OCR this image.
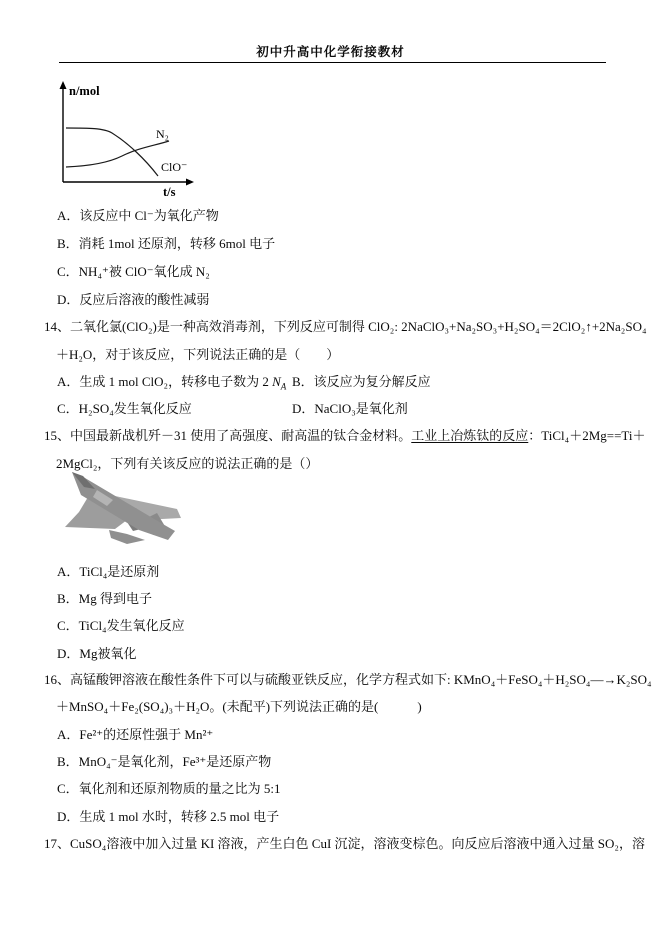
初中升高中化学衔接教材
n/mol
t/s
N₂
ClO⁻
A．该反应中 Cl⁻为氧化产物
B．消耗 1mol 还原剂，转移 6mol 电子
C．NH₄⁺被 ClO⁻氧化成 N₂
D．反应后溶液的酸性减弱
14、二氧化氯(ClO₂)是一种高效消毒剂，下列反应可制得 ClO₂: 2NaClO₃+Na₂SO₃+H₂SO₄＝2ClO₂↑+2Na₂SO₄
＋H₂O，对于该反应，下列说法正确的是（　　）
A．生成 1 mol ClO₂，转移电子数为 2 $N_A$ B．该反应为复分解反应
C．H₂SO₄发生氧化反应	D．NaClO₃是氧化剂
15、中国最新战机歼－31 使用了高强度、耐高温的钛合金材料。工业上冶炼钛的反应：TiCl₄＋2Mg==Ti＋
2MgCl₂，下列有关该反应的说法正确的是（）
A．TiCl₄是还原剂
B．Mg 得到电子
C．TiCl₄发生氧化反应
D．Mg被氧化
16、高锰酸钾溶液在酸性条件下可以与硫酸亚铁反应，化学方程式如下: KMnO₄＋FeSO₄＋H₂SO₄—→K₂SO₄
＋MnSO₄＋Fe₂(SO₄)₃＋H₂O。(未配平)下列说法正确的是(　　　)
A．Fe²⁺的还原性强于 Mn²⁺
B．MnO₄⁻是氧化剂，Fe³⁺是还原产物
C．氧化剂和还原剂物质的量之比为 5:1
D．生成 1 mol 水时，转移 2.5 mol 电子
17、CuSO₄溶液中加入过量 KI 溶液，产生白色 CuI 沉淀，溶液变棕色。向反应后溶液中通入过量 SO₂，溶
